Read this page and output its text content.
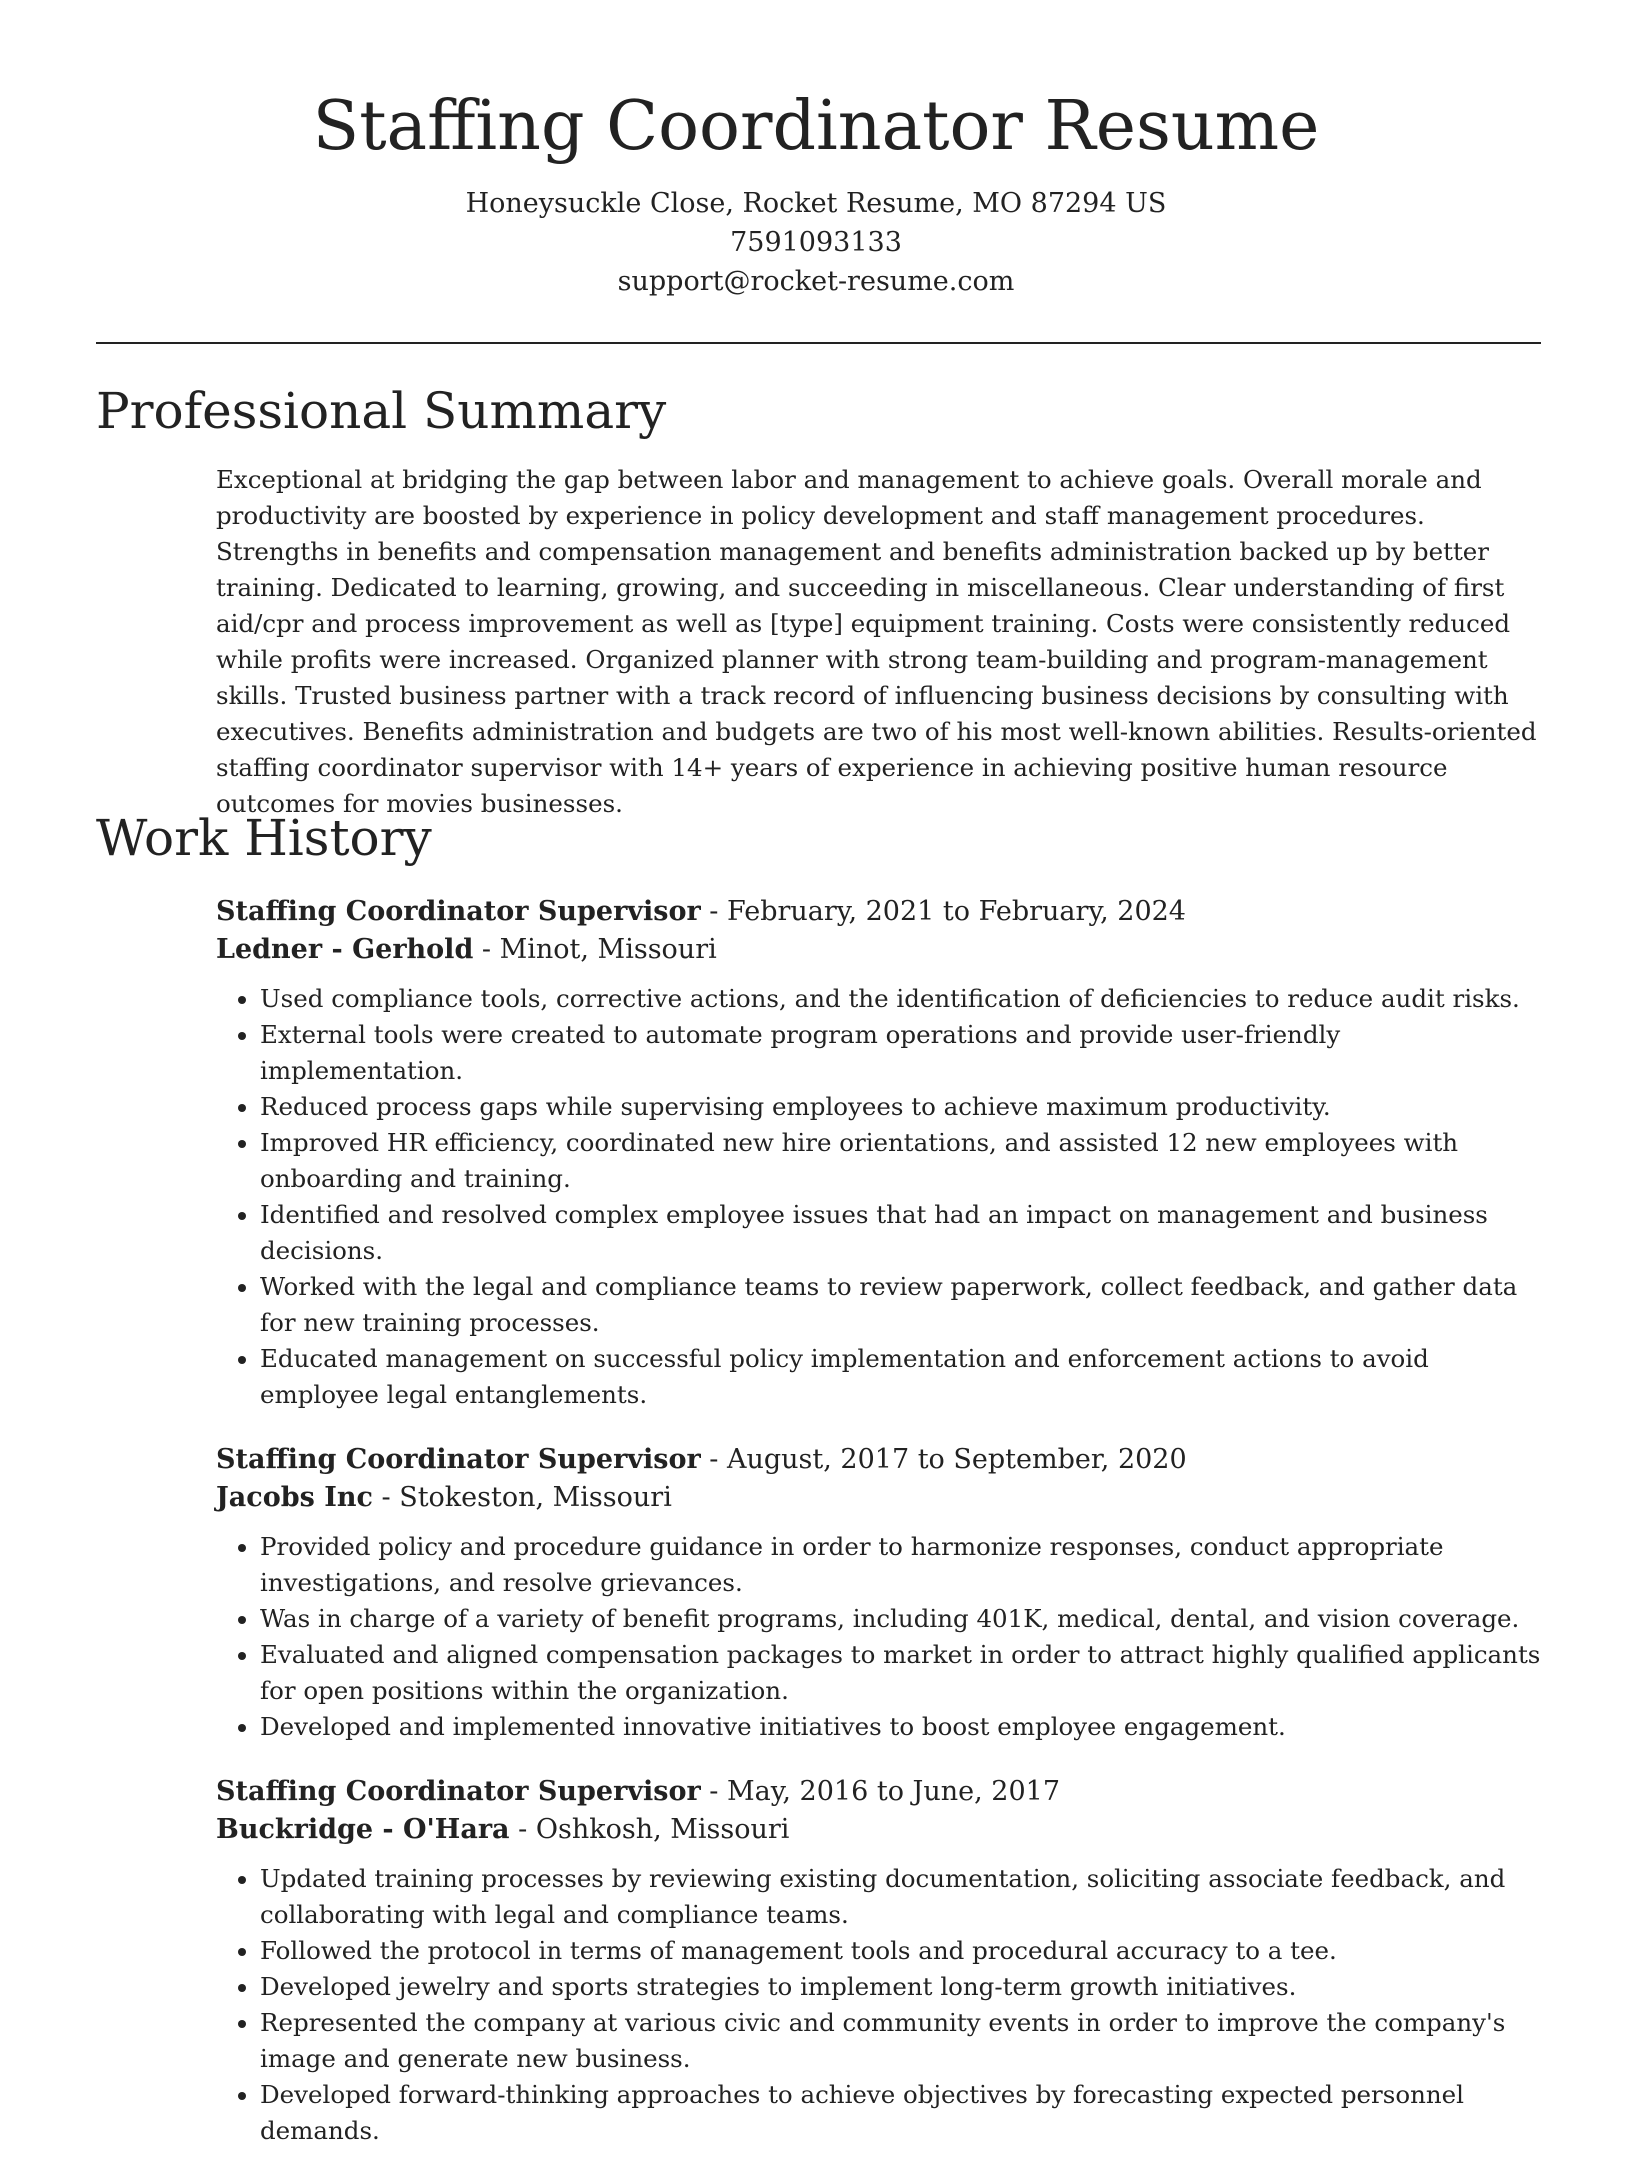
Staffing Coordinator Resume
Honeysuckle Close, Rocket Resume, MO 87294 US
7591093133
support@rocket-resume.com
Professional Summary

Exceptional at bridging the gap between labor and management to achieve goals. Overall morale and productivity are boosted by experience in policy development and staff management procedures. Strengths in benefits and compensation management and benefits administration backed up by better training. Dedicated to learning, growing, and succeeding in miscellaneous. Clear understanding of first aid/cpr and process improvement as well as [type] equipment training. Costs were consistently reduced while profits were increased. Organized planner with strong team-building and program-management skills. Trusted business partner with a track record of influencing business decisions by consulting with executives. Benefits administration and budgets are two of his most well-known abilities. Results-oriented staffing coordinator supervisor with 14+ years of experience in achieving positive human resource outcomes for movies businesses.

Work History

Staffing Coordinator Supervisor - February, 2021 to February, 2024

Ledner - Gerhold - Minot, Missouri

• Used compliance tools, corrective actions, and the identification of deficiencies to reduce audit risks.
• External tools were created to automate program operations and provide user-friendly implementation.
• Reduced process gaps while supervising employees to achieve maximum productivity.
• Improved HR efficiency, coordinated new hire orientations, and assisted 12 new employees with onboarding and training.
• Identified and resolved complex employee issues that had an impact on management and business decisions.
• Worked with the legal and compliance teams to review paperwork, collect feedback, and gather data for new training processes.
• Educated management on successful policy implementation and enforcement actions to avoid employee legal entanglements.

Staffing Coordinator Supervisor - August, 2017 to September, 2020

Jacobs Inc - Stokeston, Missouri

• Provided policy and procedure guidance in order to harmonize responses, conduct appropriate investigations, and resolve grievances.
• Was in charge of a variety of benefit programs, including 401K, medical, dental, and vision coverage.
• Evaluated and aligned compensation packages to market in order to attract highly qualified applicants for open positions within the organization.
• Developed and implemented innovative initiatives to boost employee engagement.

Staffing Coordinator Supervisor - May, 2016 to June, 2017

Buckridge - O'Hara - Oshkosh, Missouri

• Updated training processes by reviewing existing documentation, soliciting associate feedback, and collaborating with legal and compliance teams.
• Followed the protocol in terms of management tools and procedural accuracy to a tee.
• Developed jewelry and sports strategies to implement long-term growth initiatives.
• Represented the company at various civic and community events in order to improve the company's image and generate new business.
• Developed forward-thinking approaches to achieve objectives by forecasting expected personnel demands.
